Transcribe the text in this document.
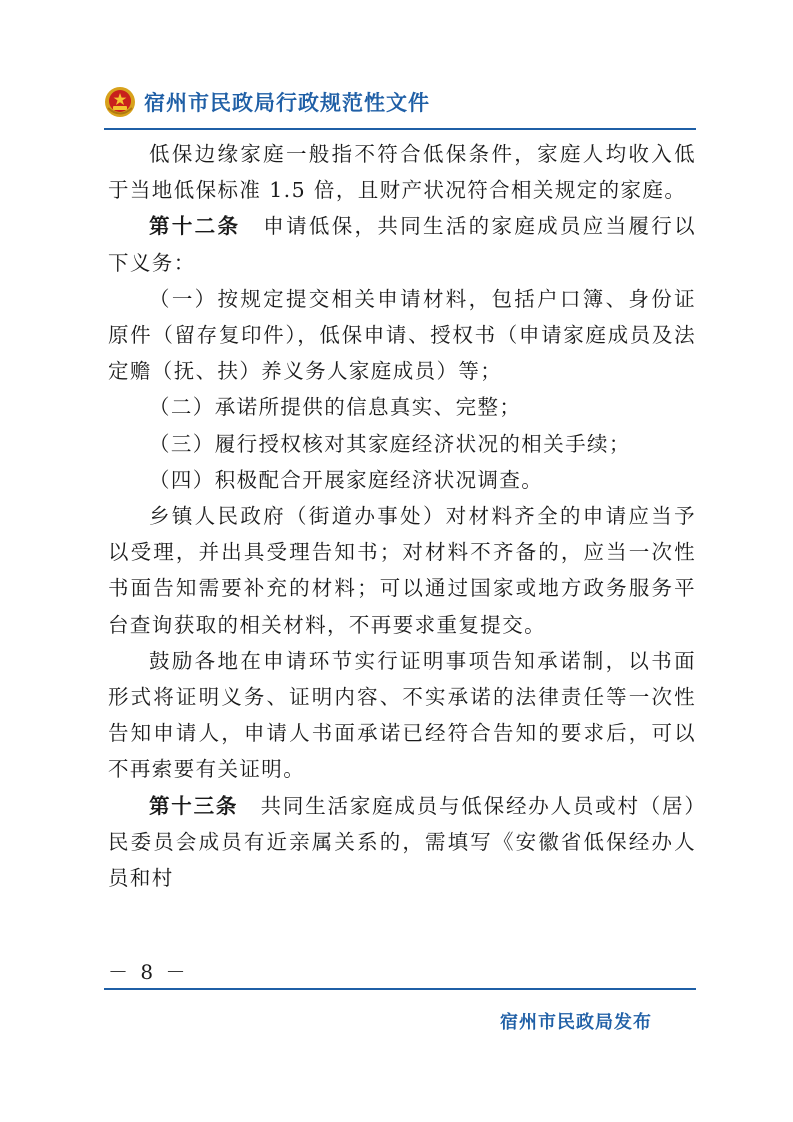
宿州市民政局行政规范性文件

低保边缘家庭一般指不符合低保条件，家庭人均收入低于当地低保标准 1.5 倍，且财产状况符合相关规定的家庭。

第十二条 申请低保，共同生活的家庭成员应当履行以下义务：

（一）按规定提交相关申请材料，包括户口簿、身份证原件（留存复印件），低保申请、授权书（申请家庭成员及法定赡（抚、扶）养义务人家庭成员）等；

（二）承诺所提供的信息真实、完整；

（三）履行授权核对其家庭经济状况的相关手续；

（四）积极配合开展家庭经济状况调查。

乡镇人民政府（街道办事处）对材料齐全的申请应当予以受理，并出具受理告知书；对材料不齐备的，应当一次性书面告知需要补充的材料；可以通过国家或地方政务服务平台查询获取的相关材料，不再要求重复提交。

鼓励各地在申请环节实行证明事项告知承诺制，以书面形式将证明义务、证明内容、不实承诺的法律责任等一次性告知申请人，申请人书面承诺已经符合告知的要求后，可以不再索要有关证明。

第十三条 共同生活家庭成员与低保经办人员或村（居）民委员会成员有近亲属关系的，需填写《安徽省低保经办人员和村

－ 8 －
宿州市民政局发布
